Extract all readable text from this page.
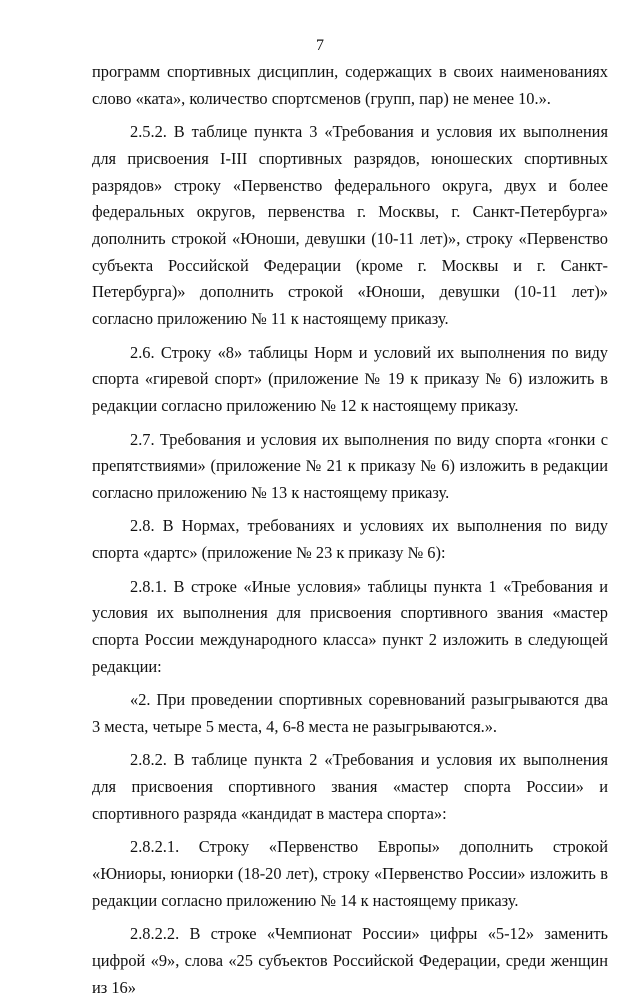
7

программ спортивных дисциплин, содержащих в своих наименованиях слово «ката», количество спортсменов (групп, пар) не менее 10.».

2.5.2. В таблице пункта 3 «Требования и условия их выполнения для присвоения I-III спортивных разрядов, юношеских спортивных разрядов» строку «Первенство федерального округа, двух и более федеральных округов, первенства г. Москвы, г. Санкт-Петербурга» дополнить строкой «Юноши, девушки (10-11 лет)», строку «Первенство субъекта Российской Федерации (кроме г. Москвы и г. Санкт-Петербурга)» дополнить строкой «Юноши, девушки (10-11 лет)» согласно приложению № 11 к настоящему приказу.

2.6. Строку «8» таблицы Норм и условий их выполнения по виду спорта «гиревой спорт» (приложение № 19 к приказу № 6) изложить в редакции согласно приложению № 12 к настоящему приказу.

2.7. Требования и условия их выполнения по виду спорта «гонки с препятствиями» (приложение № 21 к приказу № 6) изложить в редакции согласно приложению № 13 к настоящему приказу.

2.8. В Нормах, требованиях и условиях их выполнения по виду спорта «дартс» (приложение № 23 к приказу № 6):

2.8.1. В строке «Иные условия» таблицы пункта 1 «Требования и условия их выполнения для присвоения спортивного звания «мастер спорта России международного класса» пункт 2 изложить в следующей редакции:

«2. При проведении спортивных соревнований разыгрываются два 3 места, четыре 5 места, 4, 6-8 места не разыгрываются.».

2.8.2. В таблице пункта 2 «Требования и условия их выполнения для присвоения спортивного звания «мастер спорта России» и спортивного разряда «кандидат в мастера спорта»:

2.8.2.1. Строку «Первенство Европы» дополнить строкой «Юниоры, юниорки (18-20 лет), строку «Первенство России» изложить в редакции согласно приложению № 14 к настоящему приказу.

2.8.2.2. В строке «Чемпионат России» цифры «5-12» заменить цифрой «9», слова «25 субъектов Российской Федерации, среди женщин из 16»
